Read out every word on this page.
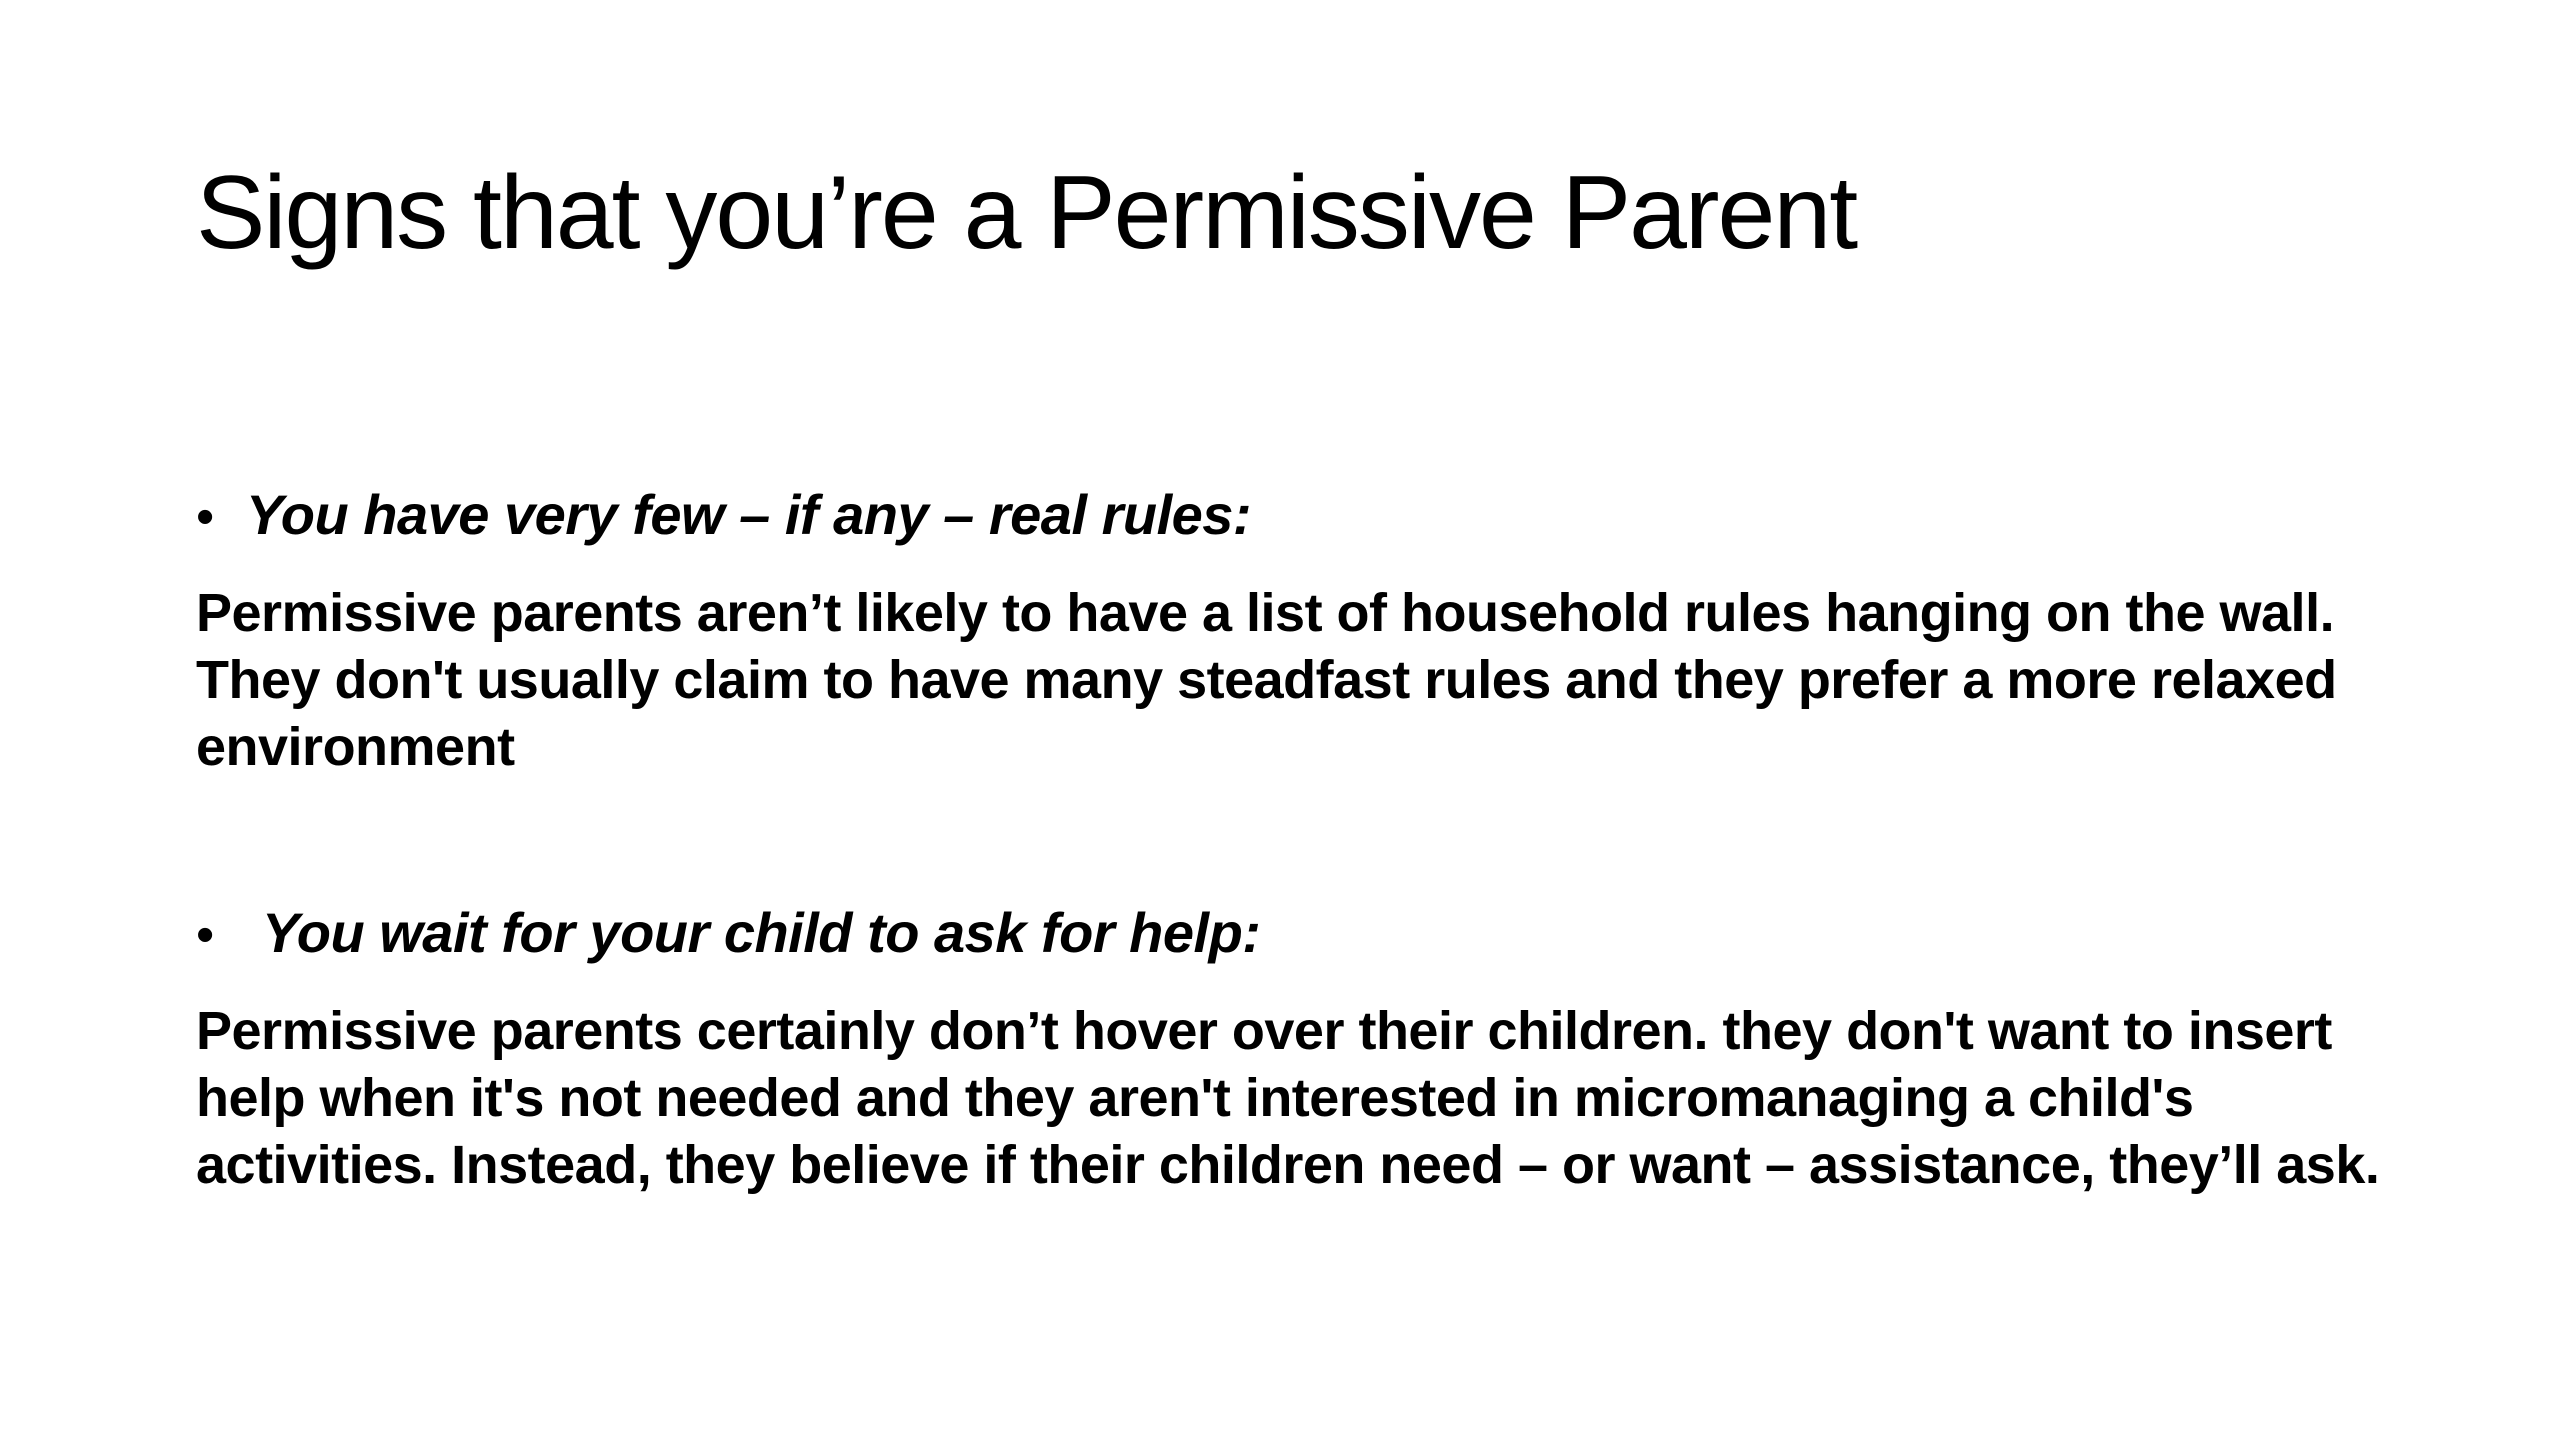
Signs that you’re a Permissive Parent
• You have very few – if any – real rules:

Permissive parents aren’t likely to have a list of household rules hanging on the wall. They don't usually claim to have many steadfast rules and they prefer a more relaxed environment

• You wait for your child to ask for help:

Permissive parents certainly don’t hover over their children. they don't want to insert help when it's not needed and they aren't interested in micromanaging a child's activities. Instead, they believe if their children need – or want – assistance, they’ll ask.
